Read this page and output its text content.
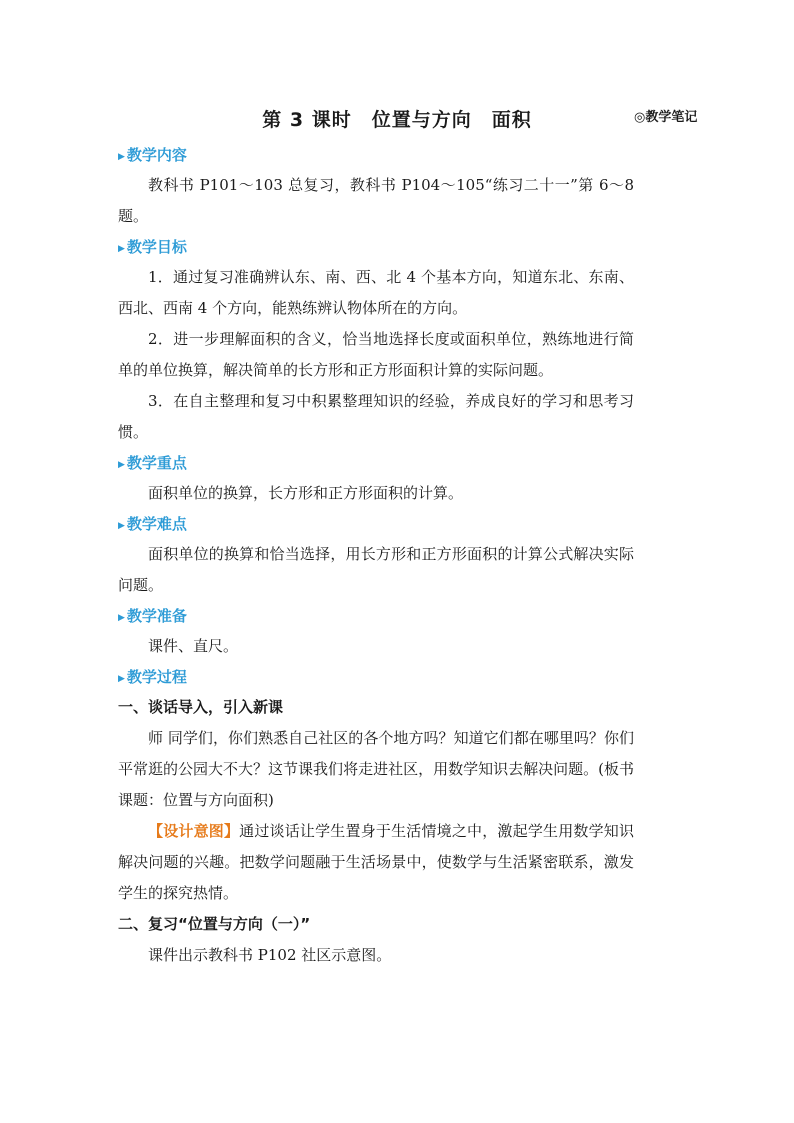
第 3 课时　位置与方向　面积	◎教学笔记
▶ 教学内容

教科书 P101～103 总复习，教科书 P104～105“练习二十一”第 6～8 题。

▶ 教学目标

1．通过复习准确辨认东、南、西、北 4 个基本方向，知道东北、东南、西北、西南 4 个方向，能熟练辨认物体所在的方向。

2．进一步理解面积的含义，恰当地选择长度或面积单位，熟练地进行简单的单位换算，解决简单的长方形和正方形面积计算的实际问题。

3．在自主整理和复习中积累整理知识的经验，养成良好的学习和思考习惯。

▶ 教学重点

面积单位的换算，长方形和正方形面积的计算。

▶ 教学难点

面积单位的换算和恰当选择，用长方形和正方形面积的计算公式解决实际问题。

▶ 教学准备

课件、直尺。

▶ 教学过程
一、谈话导入，引入新课

师 同学们，你们熟悉自己社区的各个地方吗？知道它们都在哪里吗？你们平常逛的公园大不大？这节课我们将走进社区，用数学知识去解决问题。(板书课题：位置与方向面积)

【设计意图】通过谈话让学生置身于生活情境之中，激起学生用数学知识解决问题的兴趣。把数学问题融于生活场景中，使数学与生活紧密联系，激发学生的探究热情。

二、复习“位置与方向（一）”

课件出示教科书 P102 社区示意图。
